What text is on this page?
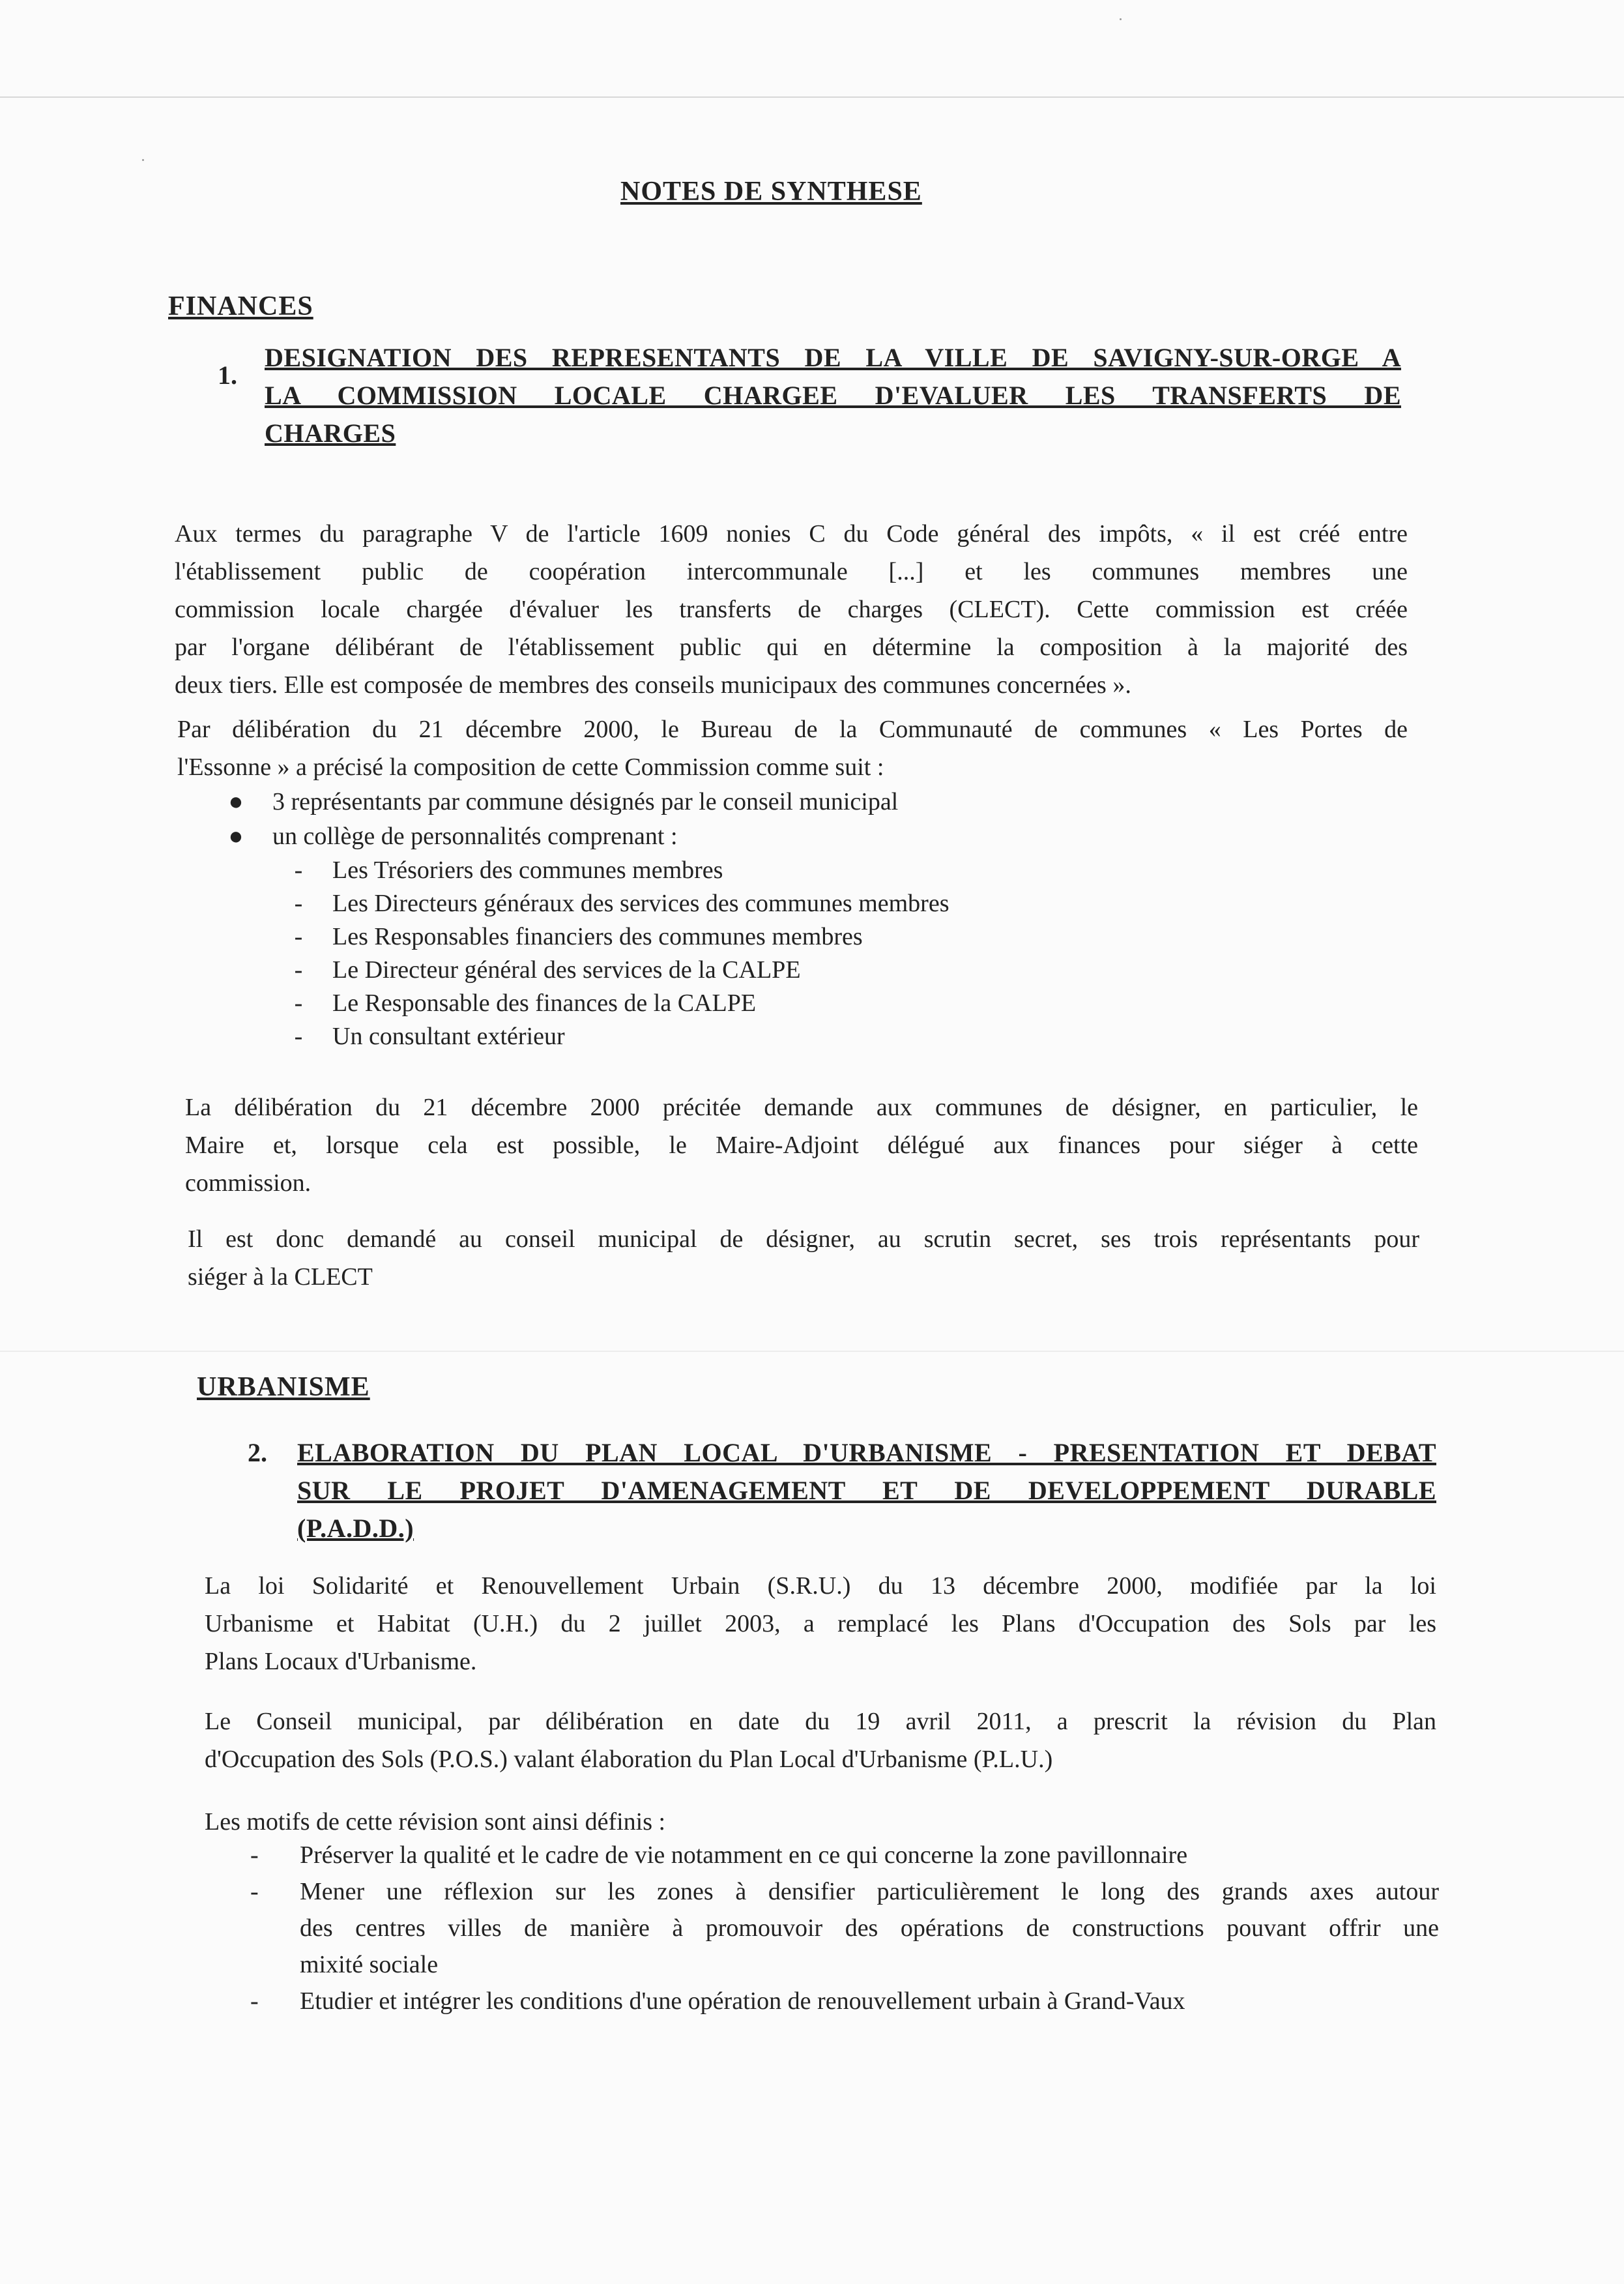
NOTES DE SYNTHESE
FINANCES
1.
DESIGNATION DES REPRESENTANTS DE LA VILLE DE SAVIGNY-SUR-ORGE A
LA COMMISSION LOCALE CHARGEE D'EVALUER LES TRANSFERTS DE
CHARGES
Aux termes du paragraphe V de l'article 1609 nonies C du Code général des impôts, « il est créé entre
l'établissement public de coopération intercommunale [...] et les communes membres une
commission locale chargée d'évaluer les transferts de charges (CLECT). Cette commission est créée
par l'organe délibérant de l'établissement public qui en détermine la composition à la majorité des
deux tiers. Elle est composée de membres des conseils municipaux des communes concernées ».
Par délibération du 21 décembre 2000, le Bureau de la Communauté de communes « Les Portes de
l'Essonne » a précisé la composition de cette Commission comme suit :
● 3 représentants par commune désignés par le conseil municipal
● un collège de personnalités comprenant :
-	Les Trésoriers des communes membres
-	Les Directeurs généraux des services des communes membres
-	Les Responsables financiers des communes membres
-	Le Directeur général des services de la CALPE
-	Le Responsable des finances de la CALPE
-	Un consultant extérieur
La délibération du 21 décembre 2000 précitée demande aux communes de désigner, en particulier, le
Maire et, lorsque cela est possible, le Maire-Adjoint délégué aux finances pour siéger à cette
commission.
Il est donc demandé au conseil municipal de désigner, au scrutin secret, ses trois représentants pour
siéger à la CLECT
URBANISME
2. ELABORATION DU PLAN LOCAL D'URBANISME - PRESENTATION ET DEBAT
SUR LE PROJET D'AMENAGEMENT ET DE DEVELOPPEMENT DURABLE
(P.A.D.D.)
La loi Solidarité et Renouvellement Urbain (S.R.U.) du 13 décembre 2000, modifiée par la loi
Urbanisme et Habitat (U.H.) du 2 juillet 2003, a remplacé les Plans d'Occupation des Sols par les
Plans Locaux d'Urbanisme.
Le Conseil municipal, par délibération en date du 19 avril 2011, a prescrit la révision du Plan
d'Occupation des Sols (P.O.S.) valant élaboration du Plan Local d'Urbanisme (P.L.U.)
Les motifs de cette révision sont ainsi définis :
- Préserver la qualité et le cadre de vie notamment en ce qui concerne la zone pavillonnaire
- Mener une réflexion sur les zones à densifier particulièrement le long des grands axes autour
des centres villes de manière à promouvoir des opérations de constructions pouvant offrir une
mixité sociale
- Etudier et intégrer les conditions d'une opération de renouvellement urbain à Grand-Vaux
